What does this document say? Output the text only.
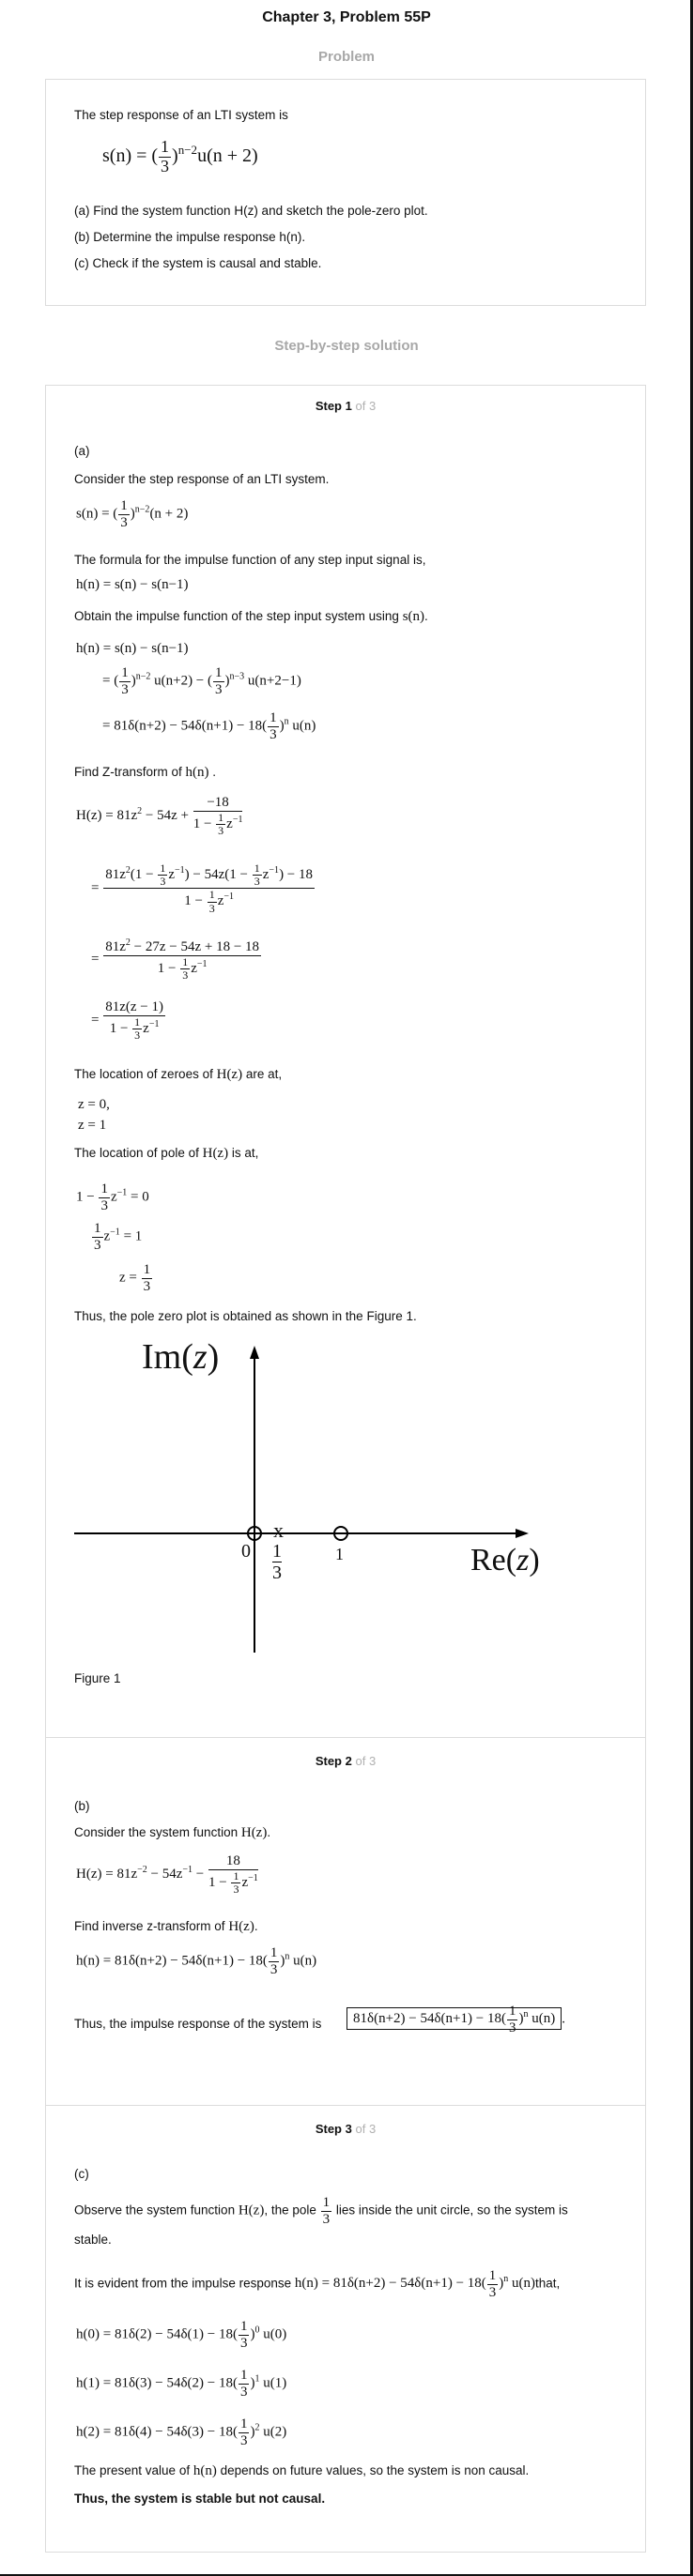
Chapter 3, Problem 55P
Problem
The step response of an LTI system is
s(n) = ( $\frac{1}{3} )^{n-2}u(n + 2)$
(a) Find the system function H(z) and sketch the pole-zero plot.
(b) Determine the impulse response h(n).
(c) Check if the system is causal and stable.
Step-by-step solution
Step 1 of 3
(a)
Consider the step response of an LTI system.
s(n) = ( $\frac{1}{3} )^{n-2}(n + 2)$
The formula for the impulse function of any step input signal is,
h(n) = s(n) − s(n−1)
Obtain the impulse function of the step input system using s(n).
h(n) = s(n) − s(n−1)
= ( $\frac{1}{3} )^{n-2}$ u(n+2) − ( $\frac{1}{3} )^{n-3}$ u(n+2−1)
= $81\delta(n+2) - 54\delta(n+1) - 18( \frac{1}{3} )^n$ u(n)
Find Z-transform of h(n) .
$H(z) = 81z^2 - 54z + \frac{-18}{1 - \frac{1}{3} z^{-1}}$
= $\frac{81z^2(1 - \frac{1}{3} z^{-1}) - 54z(1 - \frac{1}{3} z^{-1}) - 18}{1 - \frac{1}{3} z^{-1}}$
= $\frac{81z^2 - 27z - 54z + 18 - 18}{1 - \frac{1}{3} z^{-1}}$
= $\frac{81z(z - 1)}{1 - \frac{1}{3} z^{-1}}$
The location of zeroes of H(z) are at,
z = 0,
z = 1
The location of pole of H(z) is at,
$1 - \frac{1}{3} z^{-1} = 0$
$\frac{1}{3} z^{-1} = 1$
$z = \frac{1}{3}$
Thus, the pole zero plot is obtained as shown in the Figure 1.
Im(z)
Re(z)
0
x
$\frac{1}{3}$	1
Figure 1
Step 2 of 3
(b)
Consider the system function H(z).
$H(z) = 81z^{-2} - 54z^{-1} - \frac{18}{1 - \frac{1}{3} z^{-1}}$
Find inverse z-transform of H(z).
$h(n) = 81\delta(n+2) - 54\delta(n+1) - 18( \frac{1}{3} )^n$ u(n)
Thus, the impulse response of the system is	$81\delta(n+2) - 54\delta(n+1) - 18( \frac{1}{3} )^n$ u(n) .
Step 3 of 3
(c)
Observe the system function H(z), the pole $\frac{1}{3}$ lies inside the unit circle, so the system is
stable.
It is evident from the impulse response $h(n) = 81\delta(n+2) - 54\delta(n+1) - 18( \frac{1}{3} )^n$ u(n)that,
$h(0) = 81\delta(2) - 54\delta(1) - 18( \frac{1}{3} )^0$ u(0)
$h(1) = 81\delta(3) - 54\delta(2) - 18( \frac{1}{3} )^1$ u(1)
$h(2) = 81\delta(4) - 54\delta(3) - 18( \frac{1}{3} )^2$ u(2)
The present value of h(n) depends on future values, so the system is non causal.
Thus, the system is stable but not causal.
